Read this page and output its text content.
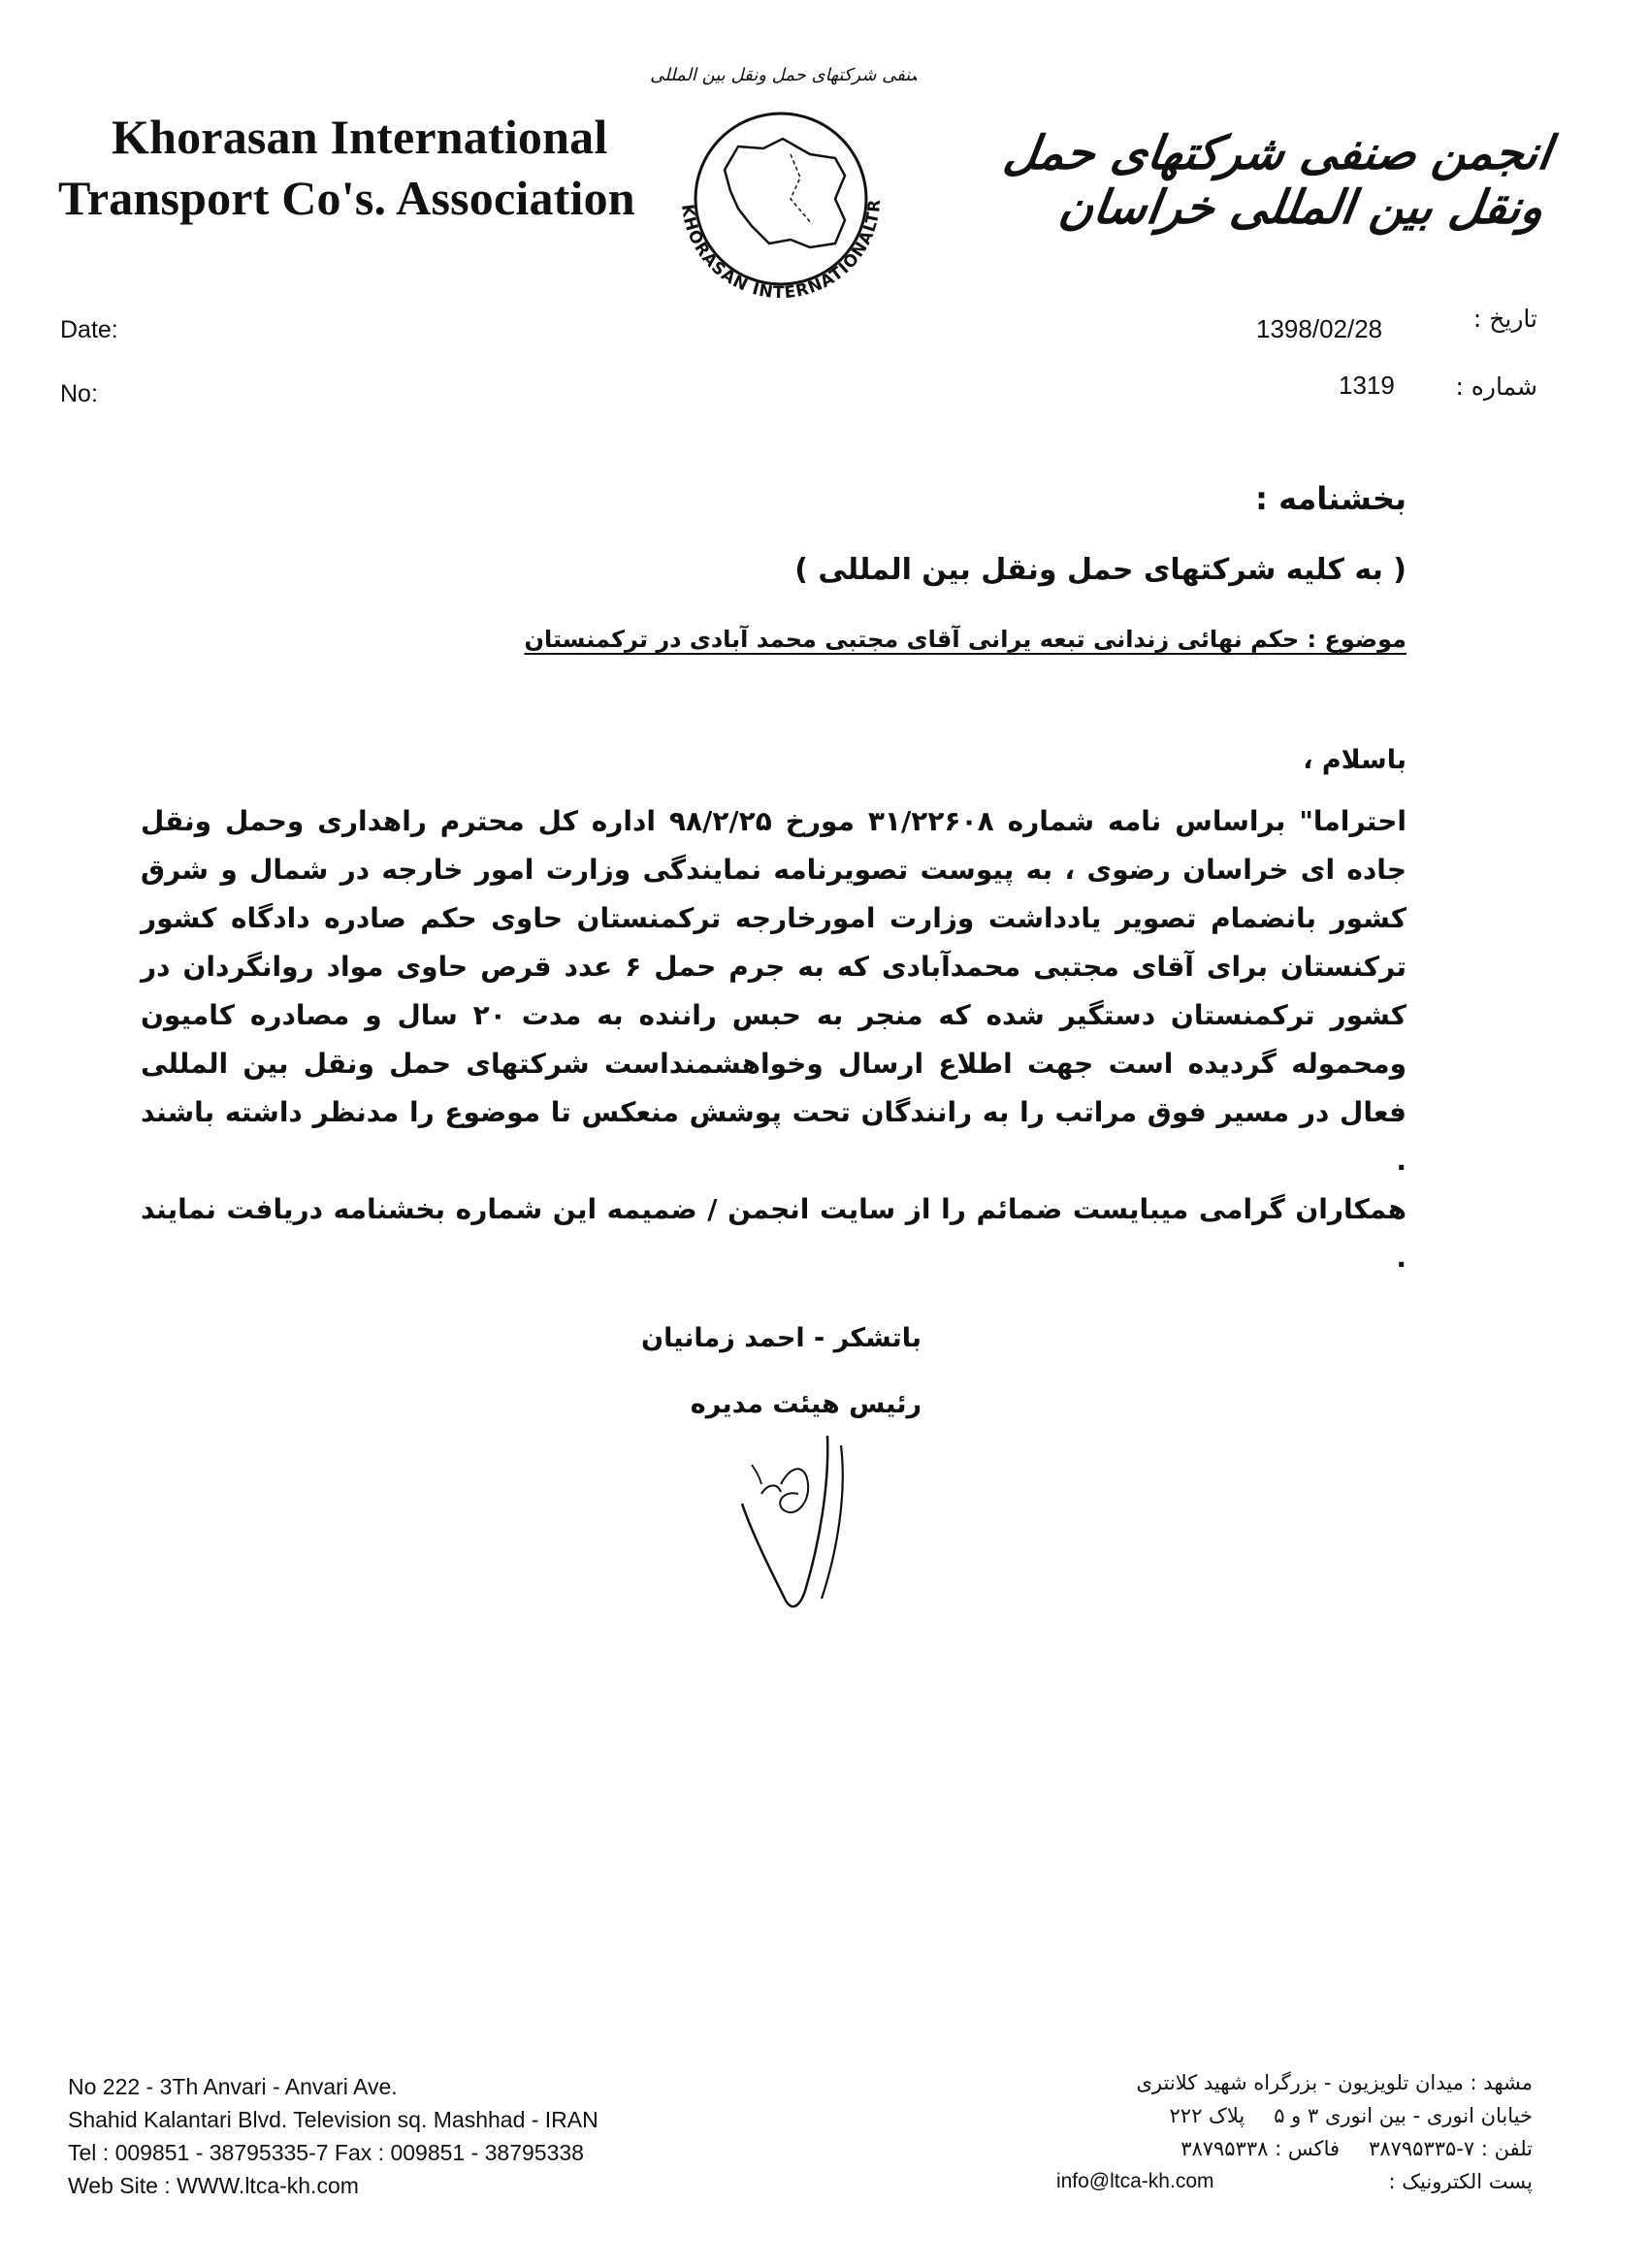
Khorasan International
Transport Co's. Association	KHORASAN INTERNATIONALTR
نفی شرکتهای حمل ونقل بین المللی
انجمن صنفی شرکتهای حمل ونقل بین المللی خراسان
Date:
No:
1398/02/28
1319
تاریخ :
شماره :
بخشنامه :
( به کلیه شرکتهای حمل ونقل بین المللی )
موضوع : حکم نهائی زندانی تبعه یرانی آقای مجتبی محمد آبادی در ترکمنستان
باسلام ،
احتراما" براساس نامه شماره ۳۱/۲۲۶۰۸ مورخ ۹۸/۲/۲۵ اداره کل محترم راهداری وحمل ونقل جاده ای خراسان رضوی ، به پیوست تصویرنامه نمایندگی وزارت امور خارجه در شمال و شرق کشور بانضمام تصویر یادداشت وزارت امورخارجه ترکمنستان حاوی حکم صادره دادگاه کشور ترکنستان برای آقای مجتبی محمدآبادی که به جرم حمل ۶ عدد قرص حاوی مواد روانگردان در کشور ترکمنستان دستگیر شده که منجر به حبس راننده به مدت ۲۰ سال و مصادره کامیون ومحموله گردیده است جهت اطلاع ارسال وخواهشمنداست شرکتهای حمل ونقل بین المللی فعال در مسیر فوق مراتب را به رانندگان تحت پوشش منعکس تا موضوع را مدنظر داشته باشند .
همکاران گرامی میبایست ضمائم را از سایت انجمن / ضمیمه این شماره بخشنامه دریافت نمایند .
باتشکر - احمد زمانیان
رئیس هیئت مدیره
No 222 - 3Th Anvari - Anvari Ave.
Shahid Kalantari Blvd. Television sq. Mashhad - IRAN
Tel : 009851 - 38795335-7 Fax : 009851 - 38795338
Web Site : WWW.ltca-kh.com
مشهد : میدان تلویزیون - بزرگراه شهید کلانتری
خیابان انوری - بین انوری ۳ و ۵
پلاک ۲۲۲
تلفن : ۷-۳۸۷۹۵۳۳۵
فاکس : ۳۸۷۹۵۳۳۸
پست الکترونیک :
info@ltca-kh.com
